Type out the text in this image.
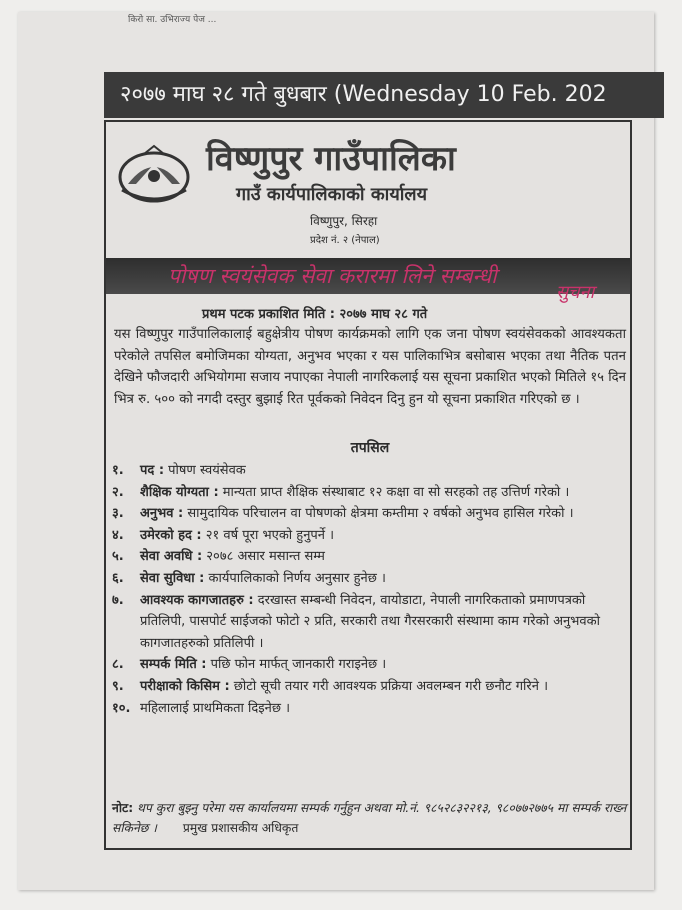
किरो सा. उभिराज्य पेज ...
२०७७ माघ २८ गते बुधबार (Wednesday 10 Feb. 202
विष्णुपुर गाउँपालिका
गाउँ कार्यपालिकाको कार्यालय
विष्णुपुर, सिरहा
प्रदेश नं. २ (नेपाल)
पोषण स्वयंसेवक सेवा करारमा लिने सम्बन्धी
सुचना
प्रथम पटक प्रकाशित मिति : २०७७ माघ २८ गते
यस विष्णुपुर गाउँपालिकालाई बहुक्षेत्रीय पोषण कार्यक्रमको लागि एक जना पोषण स्वयंसेवकको आवश्यकता परेकोले तपसिल बमोजिमका योग्यता, अनुभव भएका र यस पालिकाभित्र बसोबास भएका तथा नैतिक पतन देखिने फौजदारी अभियोगमा सजाय नपाएका नेपाली नागरिकलाई यस सूचना प्रकाशित भएको मितिले १५ दिन भित्र रु. ५०० को नगदी दस्तुर बुझाई रित पूर्वकको निवेदन दिनु हुन यो सूचना प्रकाशित गरिएको छ ।
तपसिल
१.	पद : पोषण स्वयंसेवक
२.	शैक्षिक योग्यता : मान्यता प्राप्त शैक्षिक संस्थाबाट १२ कक्षा वा सो सरहको तह उत्तिर्ण गरेको ।
३.	अनुभव : सामुदायिक परिचालन वा पोषणको क्षेत्रमा कम्तीमा २ वर्षको अनुभव हासिल गरेको ।
४.	उमेरको हद : २१ वर्ष पूरा भएको हुनुपर्ने ।
५.	सेवा अवधि : २०७८ असार मसान्त सम्म
६.	सेवा सुविधा : कार्यपालिकाको निर्णय अनुसार हुनेछ ।
७.	आवश्यक कागजातहरु : दरखास्त सम्बन्धी निवेदन, वायोडाटा, नेपाली नागरिकताको प्रमाणपत्रको प्रतिलिपी, पासपोर्ट साईजको फोटो २ प्रति, सरकारी तथा गैरसरकारी संस्थामा काम गरेको अनुभवको कागजातहरुको प्रतिलिपी ।
८.	सम्पर्क मिति : पछि फोन मार्फत् जानकारी गराइनेछ ।
९.	परीक्षाको किसिम : छोटो सूची तयार गरी आवश्यक प्रक्रिया अवलम्बन गरी छनौट गरिने ।
१०. महिलालाई प्राथमिकता दिइनेछ ।
नोट: थप कुरा बुझ्नु परेमा यस कार्यालयमा सम्पर्क गर्नुहुन अथवा मो.नं. ९८५२८३२२१३, ९८०७७२७७५ मा सम्पर्क राख्न सकिनेछ । प्रमुख प्रशासकीय अधिकृत
